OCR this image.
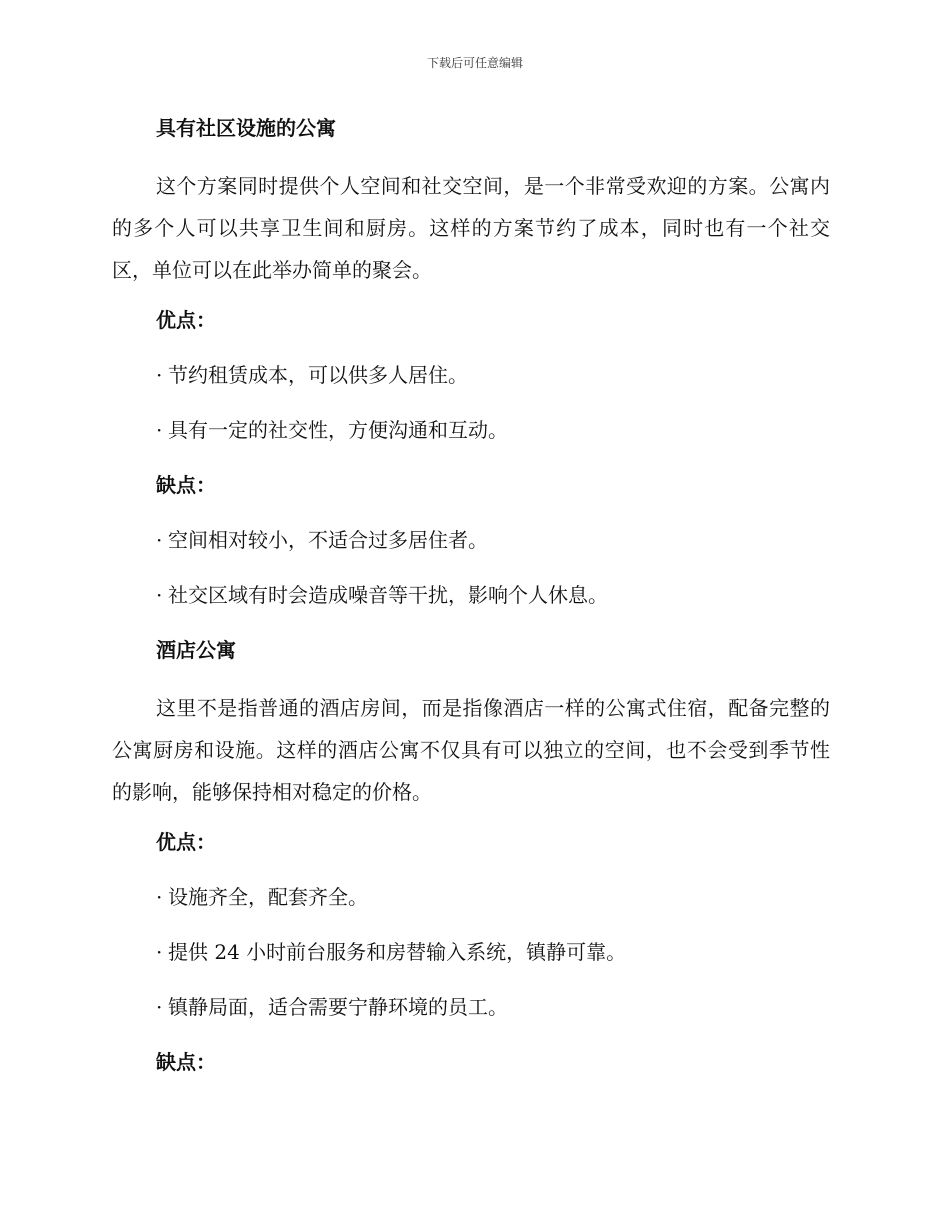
下载后可任意编辑
具有社区设施的公寓

这个方案同时提供个人空间和社交空间，是一个非常受欢迎的方案。公寓内的多个人可以共享卫生间和厨房。这样的方案节约了成本，同时也有一个社交区，单位可以在此举办简单的聚会。

优点：
· 节约租赁成本，可以供多人居住。
· 具有一定的社交性，方便沟通和互动。
缺点：
· 空间相对较小，不适合过多居住者。
· 社交区域有时会造成噪音等干扰，影响个人休息。
酒店公寓

这里不是指普通的酒店房间，而是指像酒店一样的公寓式住宿，配备完整的公寓厨房和设施。这样的酒店公寓不仅具有可以独立的空间，也不会受到季节性的影响，能够保持相对稳定的价格。

优点：
· 设施齐全，配套齐全。
· 提供 24 小时前台服务和房替输入系统，镇静可靠。
· 镇静局面，适合需要宁静环境的员工。
缺点：
